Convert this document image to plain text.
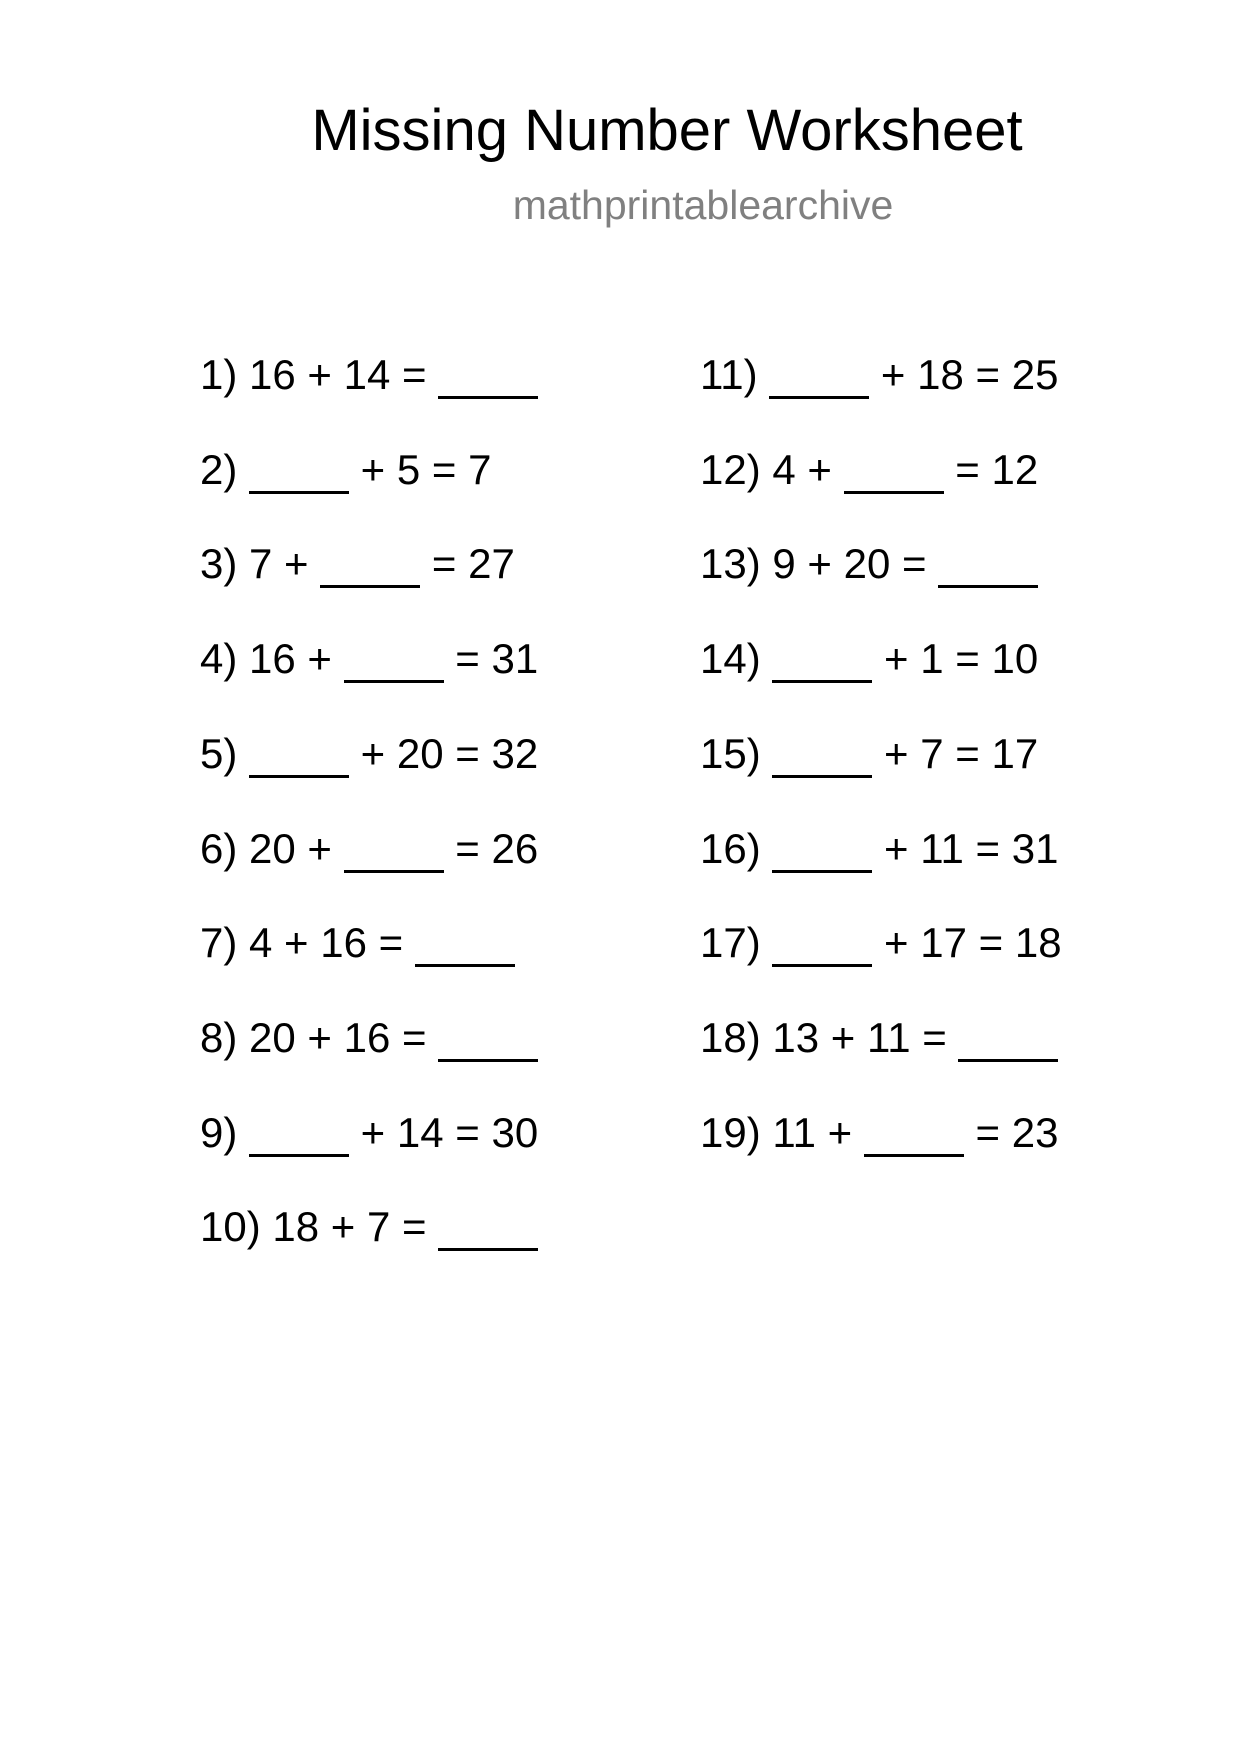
Missing Number Worksheet
mathprintablearchive
1) 16 + 14 =
2)  + 5 = 7
3) 7 +  = 27
4) 16 +  = 31
5)  + 20 = 32
6) 20 +  = 26
7) 4 + 16 =
8) 20 + 16 =
9)  + 14 = 30
10) 18 + 7 =
11)  + 18 = 25
12) 4 +  = 12
13) 9 + 20 =
14)  + 1 = 10
15)  + 7 = 17
16)  + 11 = 31
17)  + 17 = 18
18) 13 + 11 =
19) 11 +  = 23
